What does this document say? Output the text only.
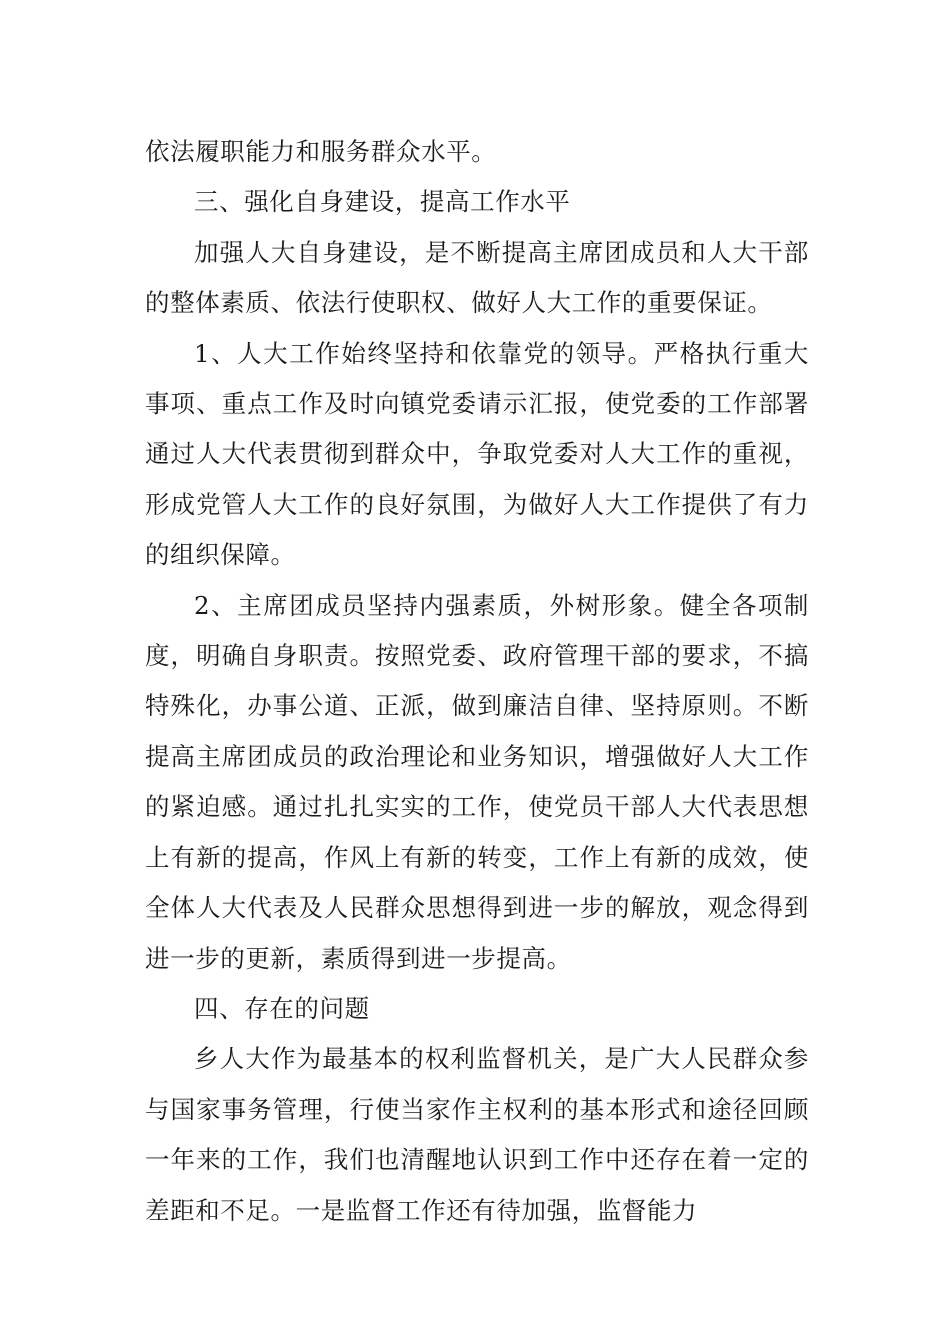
依法履职能力和服务群众水平。

三、强化自身建设，提高工作水平

加强人大自身建设，是不断提高主席团成员和人大干部的整体素质、依法行使职权、做好人大工作的重要保证。

1、人大工作始终坚持和依靠党的领导。严格执行重大事项、重点工作及时向镇党委请示汇报，使党委的工作部署通过人大代表贯彻到群众中，争取党委对人大工作的重视，形成党管人大工作的良好氛围，为做好人大工作提供了有力的组织保障。

2、主席团成员坚持内强素质，外树形象。健全各项制度，明确自身职责。按照党委、政府管理干部的要求，不搞特殊化，办事公道、正派，做到廉洁自律、坚持原则。不断提高主席团成员的政治理论和业务知识，增强做好人大工作的紧迫感。通过扎扎实实的工作，使党员干部人大代表思想上有新的提高，作风上有新的转变，工作上有新的成效，使全体人大代表及人民群众思想得到进一步的解放，观念得到进一步的更新，素质得到进一步提高。

四、存在的问题

乡人大作为最基本的权利监督机关，是广大人民群众参与国家事务管理，行使当家作主权利的基本形式和途径回顾一年来的工作，我们也清醒地认识到工作中还存在着一定的差距和不足。一是监督工作还有待加强，监督能力
